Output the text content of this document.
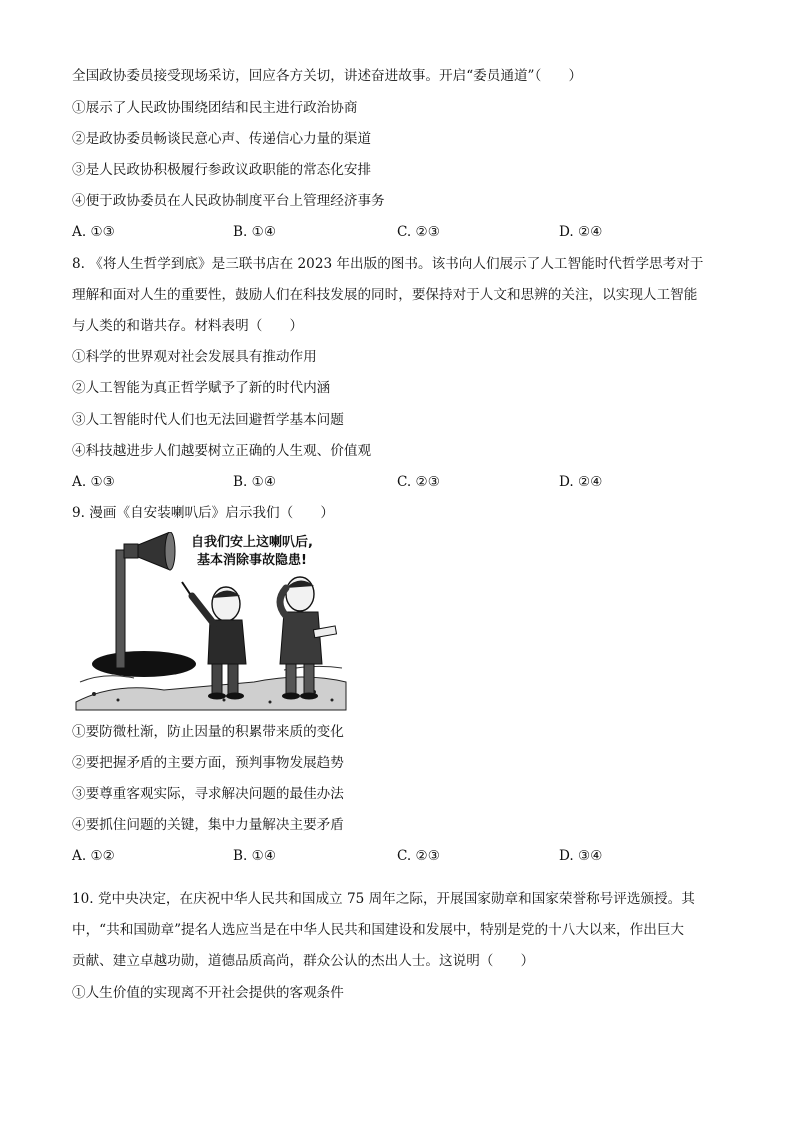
全国政协委员接受现场采访，回应各方关切，讲述奋进故事。开启“委员通道”（　　）
①展示了人民政协围绕团结和民主进行政治协商
②是政协委员畅谈民意心声、传递信心力量的渠道
③是人民政协积极履行参政议政职能的常态化安排
④便于政协委员在人民政协制度平台上管理经济事务
A. ①③	B. ①④	C. ②③	D. ②④
8. 《将人生哲学到底》是三联书店在 2023 年出版的图书。该书向人们展示了人工智能时代哲学思考对于
理解和面对人生的重要性，鼓励人们在科技发展的同时，要保持对于人文和思辨的关注，以实现人工智能
与人类的和谐共存。材料表明（　　）
①科学的世界观对社会发展具有推动作用
②人工智能为真正哲学赋予了新的时代内涵
③人工智能时代人们也无法回避哲学基本问题
④科技越进步人们越要树立正确的人生观、价值观
A. ①③	B. ①④	C. ②③	D. ②④
9. 漫画《自安装喇叭后》启示我们（　　）
自我们安上这喇叭后,
基本消除事故隐患!
①要防微杜渐，防止因量的积累带来质的变化
②要把握矛盾的主要方面，预判事物发展趋势
③要尊重客观实际，寻求解决问题的最佳办法
④要抓住问题的关键，集中力量解决主要矛盾
A. ①②	B. ①④	C. ②③	D. ③④
10. 党中央决定，在庆祝中华人民共和国成立 75 周年之际，开展国家勋章和国家荣誉称号评选颁授。其
中，“共和国勋章”提名人选应当是在中华人民共和国建设和发展中，特别是党的十八大以来，作出巨大
贡献、建立卓越功勋，道德品质高尚，群众公认的杰出人士。这说明（　　）
①人生价值的实现离不开社会提供的客观条件
